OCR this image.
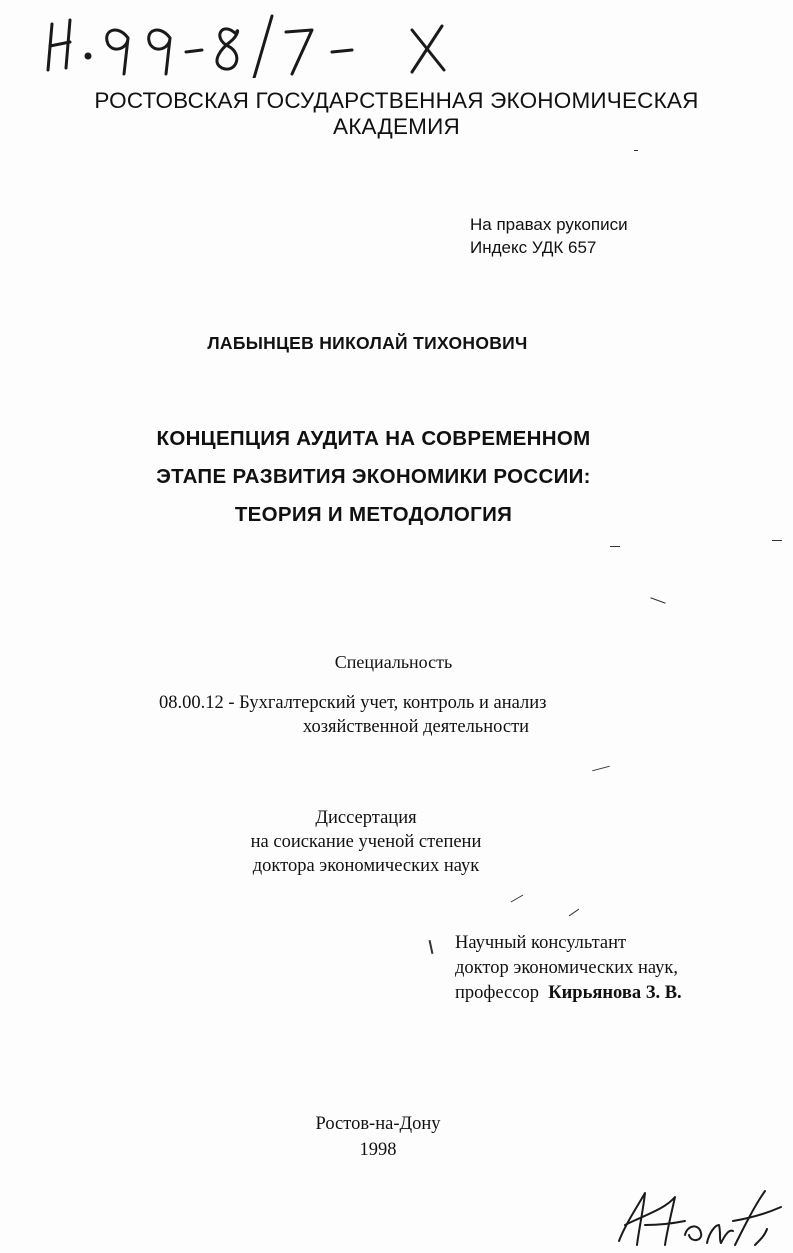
РОСТОВСКАЯ ГОСУДАРСТВЕННАЯ ЭКОНОМИЧЕСКАЯ
АКАДЕМИЯ
На правах рукописи
Индекс УДК 657
ЛАБЫНЦЕВ НИКОЛАЙ ТИХОНОВИЧ
КОНЦЕПЦИЯ АУДИТА НА СОВРЕМЕННОМ
ЭТАПЕ РАЗВИТИЯ ЭКОНОМИКИ РОССИИ:
ТЕОРИЯ И МЕТОДОЛОГИЯ
Специальность
08.00.12 - Бухгалтерский учет, контроль и анализ
хозяйственной деятельности
Диссертация
на соискание ученой степени
доктора экономических наук
Научный консультант
доктор экономических наук,
профессор Кирьянова З. В.
Ростов-на-Дону
1998
